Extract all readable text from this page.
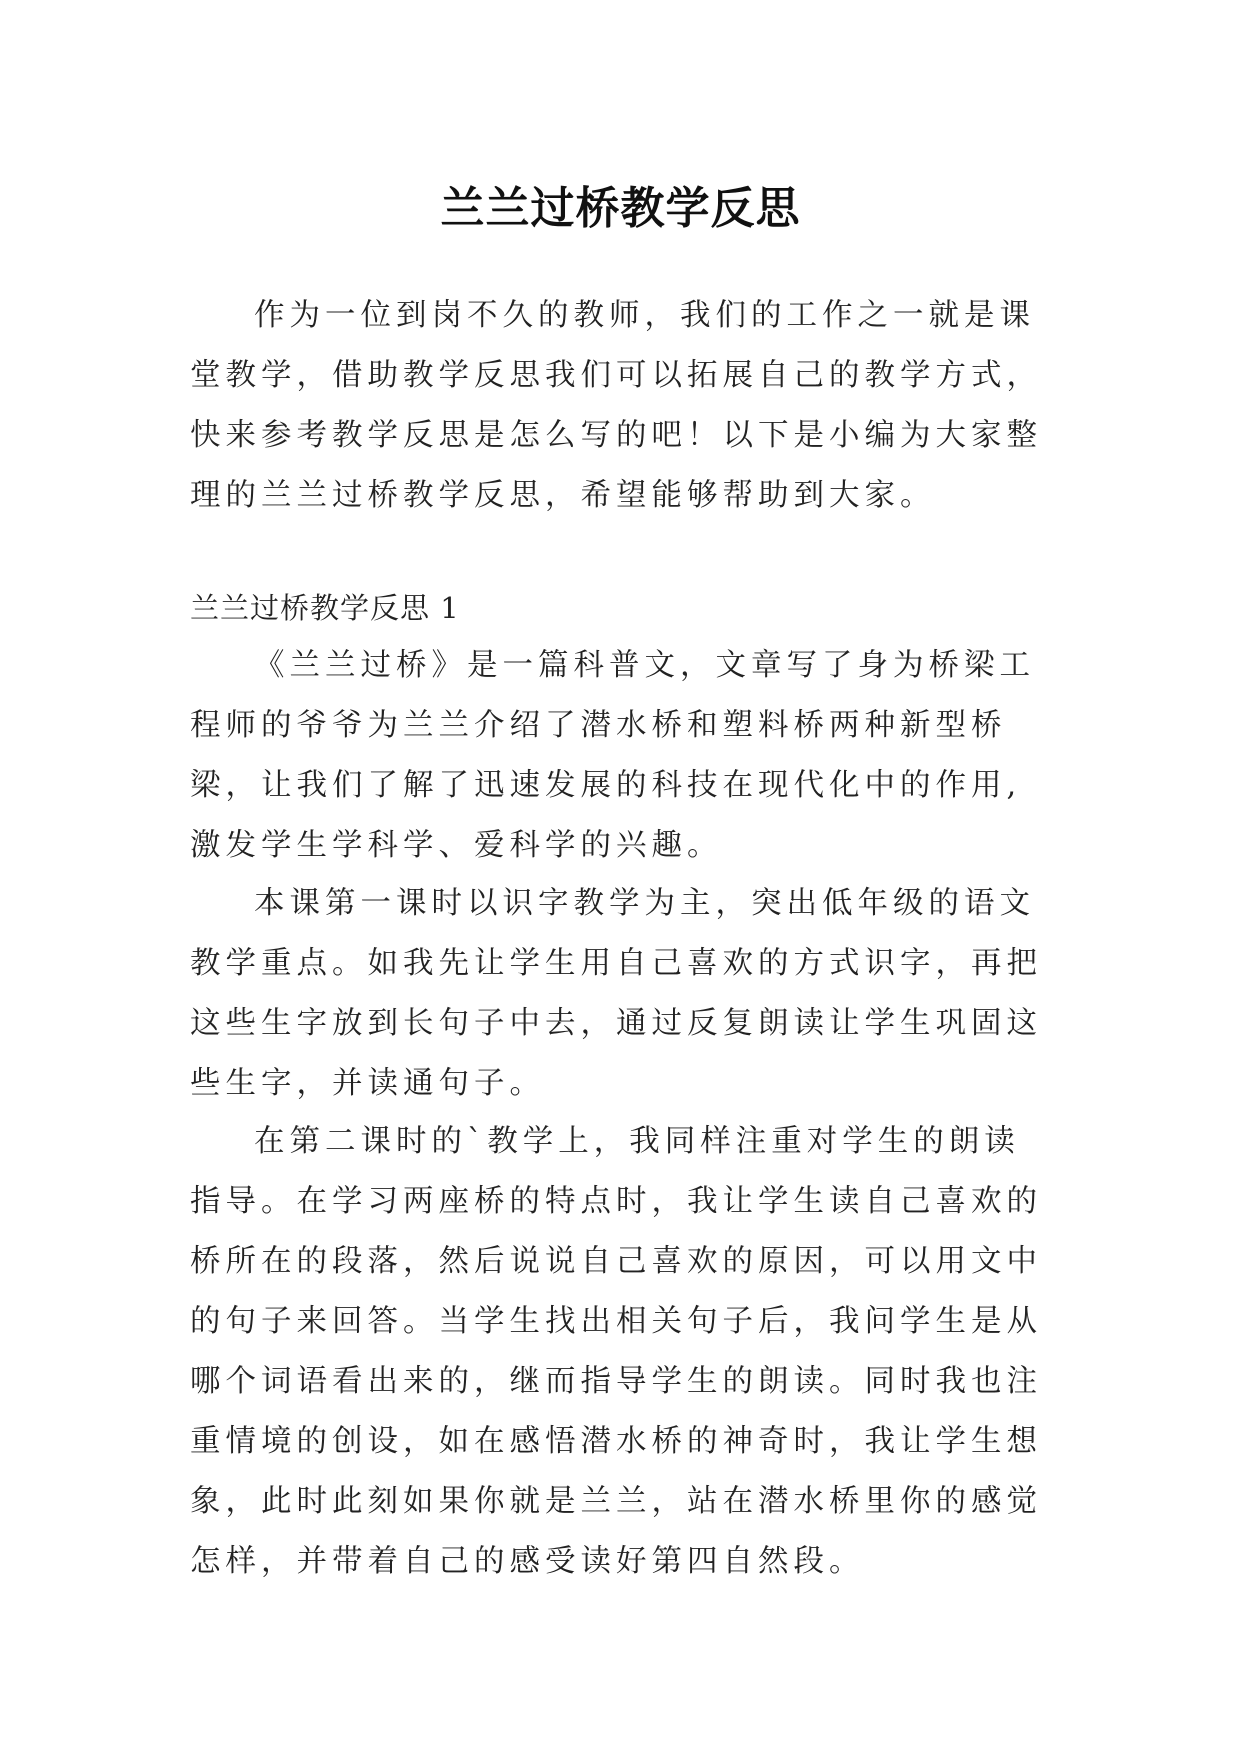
兰兰过桥教学反思

作为一位到岗不久的教师，我们的工作之一就是课堂教学，借助教学反思我们可以拓展自己的教学方式，快来参考教学反思是怎么写的吧！以下是小编为大家整理的兰兰过桥教学反思，希望能够帮助到大家。

兰兰过桥教学反思 1

《兰兰过桥》是一篇科普文，文章写了身为桥梁工程师的爷爷为兰兰介绍了潜水桥和塑料桥两种新型桥梁，让我们了解了迅速发展的科技在现代化中的作用,激发学生学科学、爱科学的兴趣。

本课第一课时以识字教学为主，突出低年级的语文教学重点。如我先让学生用自己喜欢的方式识字，再把这些生字放到长句子中去，通过反复朗读让学生巩固这些生字，并读通句子。

在第二课时的`教学上，我同样注重对学生的朗读指导。在学习两座桥的特点时，我让学生读自己喜欢的桥所在的段落，然后说说自己喜欢的原因，可以用文中的句子来回答。当学生找出相关句子后，我问学生是从哪个词语看出来的，继而指导学生的朗读。同时我也注重情境的创设，如在感悟潜水桥的神奇时，我让学生想象，此时此刻如果你就是兰兰，站在潜水桥里你的感觉怎样，并带着自己的感受读好第四自然段。
